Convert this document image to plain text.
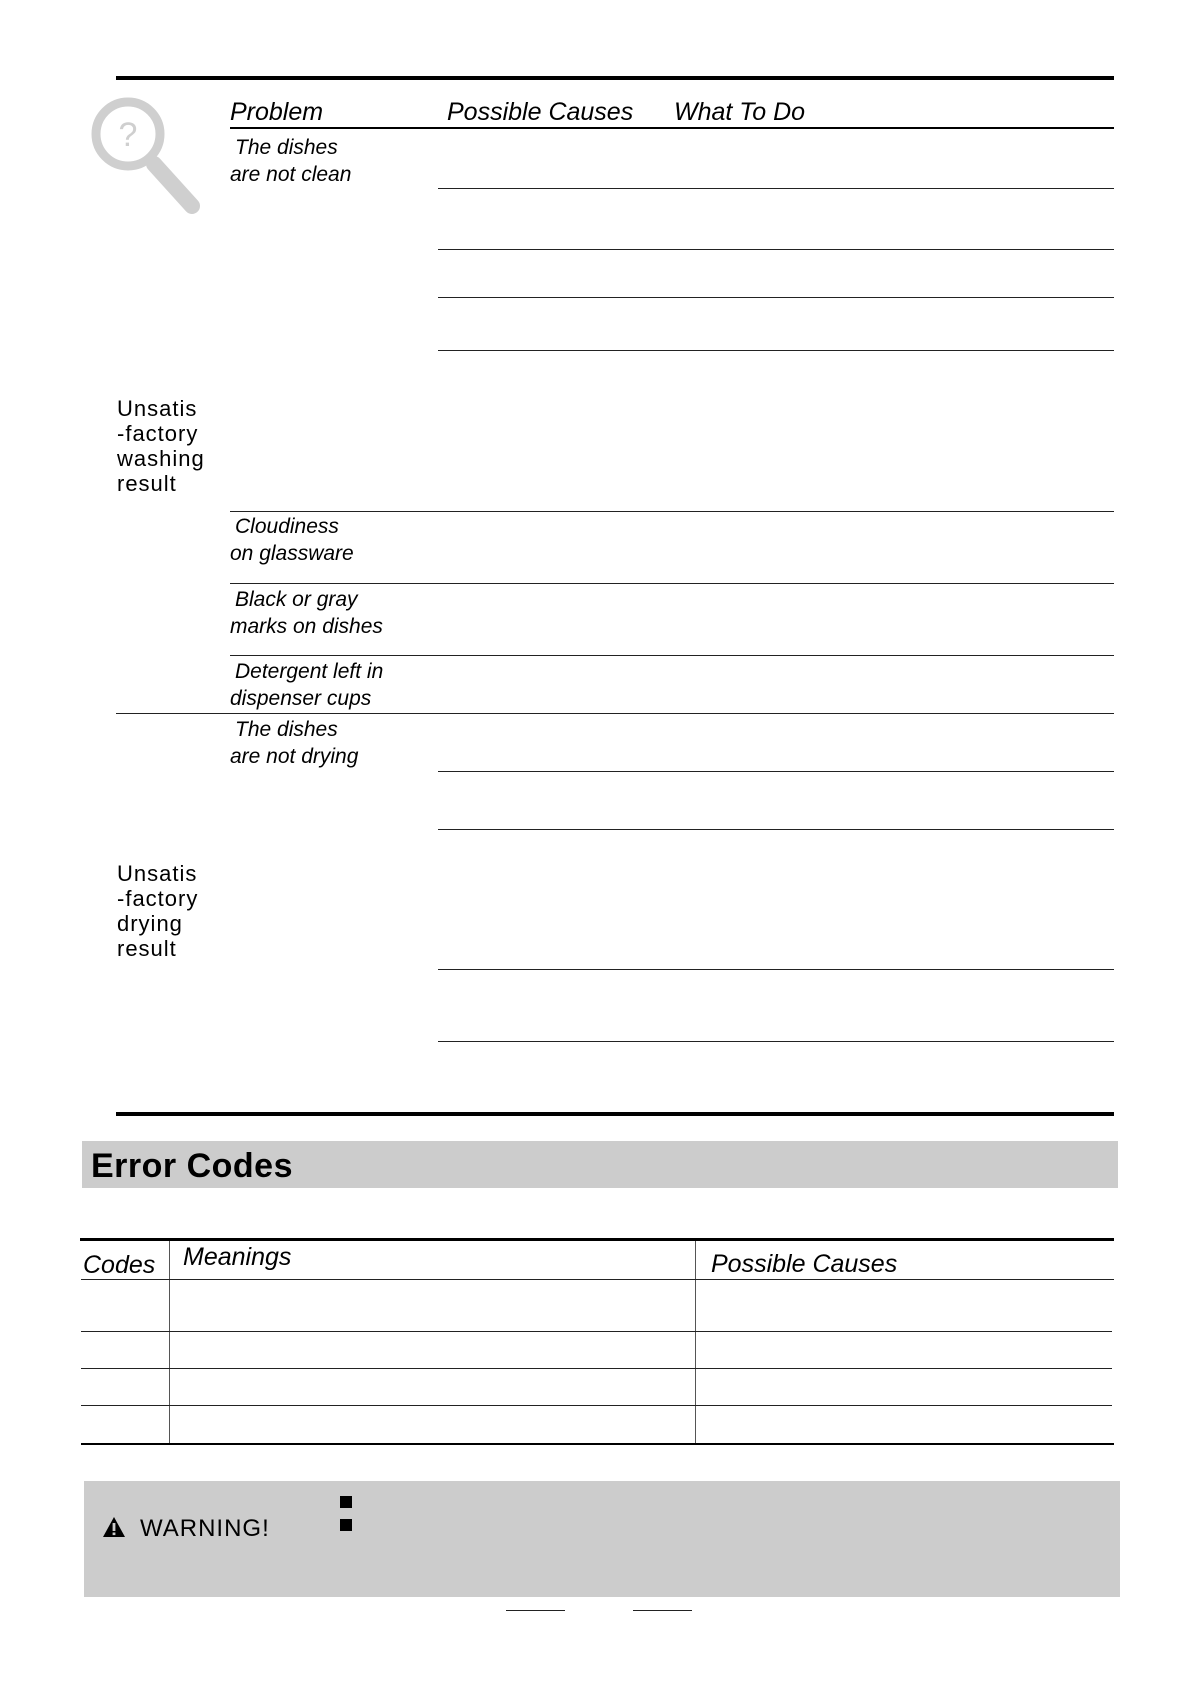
?
Problem	Possible Causes What To Do
The dishes
are not clean
Unsatis
-factory
washing
result
Cloudiness
on glassware
Black or gray
marks on dishes
Detergent left in
dispenser cups
The dishes
are not drying
Unsatis
-factory
drying
result
Error Codes
Codes Meanings	Possible Causes
WARNING!
